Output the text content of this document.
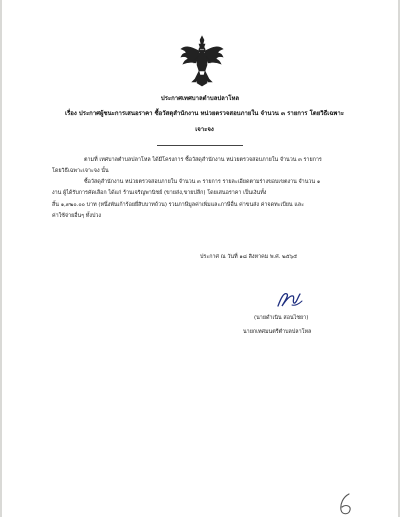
ประกาศเทศบาลตำบลปลาโหล
เรื่อง ประกาศผู้ชนะการเสนอราคา ซื้อวัสดุสำนักงาน หน่วยตรวจสอบภายใน จำนวน ๓ รายการ โดยวิธีเฉพาะ
เจาะจง
ตามที่ เทศบาลตำบลปลาโหล ได้มีโครงการ ซื้อวัสดุสำนักงาน หน่วยตรวจสอบภายใน จำนวน ๓ รายการ
โดยวิธีเฉพาะเจาะจง นั้น
ซื้อวัสดุสำนักงาน หน่วยตรวจสอบภายใน จำนวน ๓ รายการ รายละเอียดตามร่างขอบเขตงาน จำนวน ๑
งาน ผู้ได้รับการคัดเลือก ได้แก่ ร้านเจริญพานิชย์ (ขายส่ง,ขายปลีก) โดยเสนอราคา เป็นเงินทั้ง
สิ้น ๑,๙๒๐.๐๐ บาท (หนึ่งพันเก้าร้อยยี่สิบบาทถ้วน) รวมภาษีมูลค่าเพิ่มและภาษีอื่น ค่าขนส่ง ค่าจดทะเบียน และ
ค่าใช้จ่ายอื่นๆ ทั้งปวง
ประกาศ ณ วันที่ ๑๘ สิงหาคม พ.ศ. ๒๕๖๕
(นายดำเนิน สอนไชยา)
นายกเทศมนตรีตำบลปลาโหล
